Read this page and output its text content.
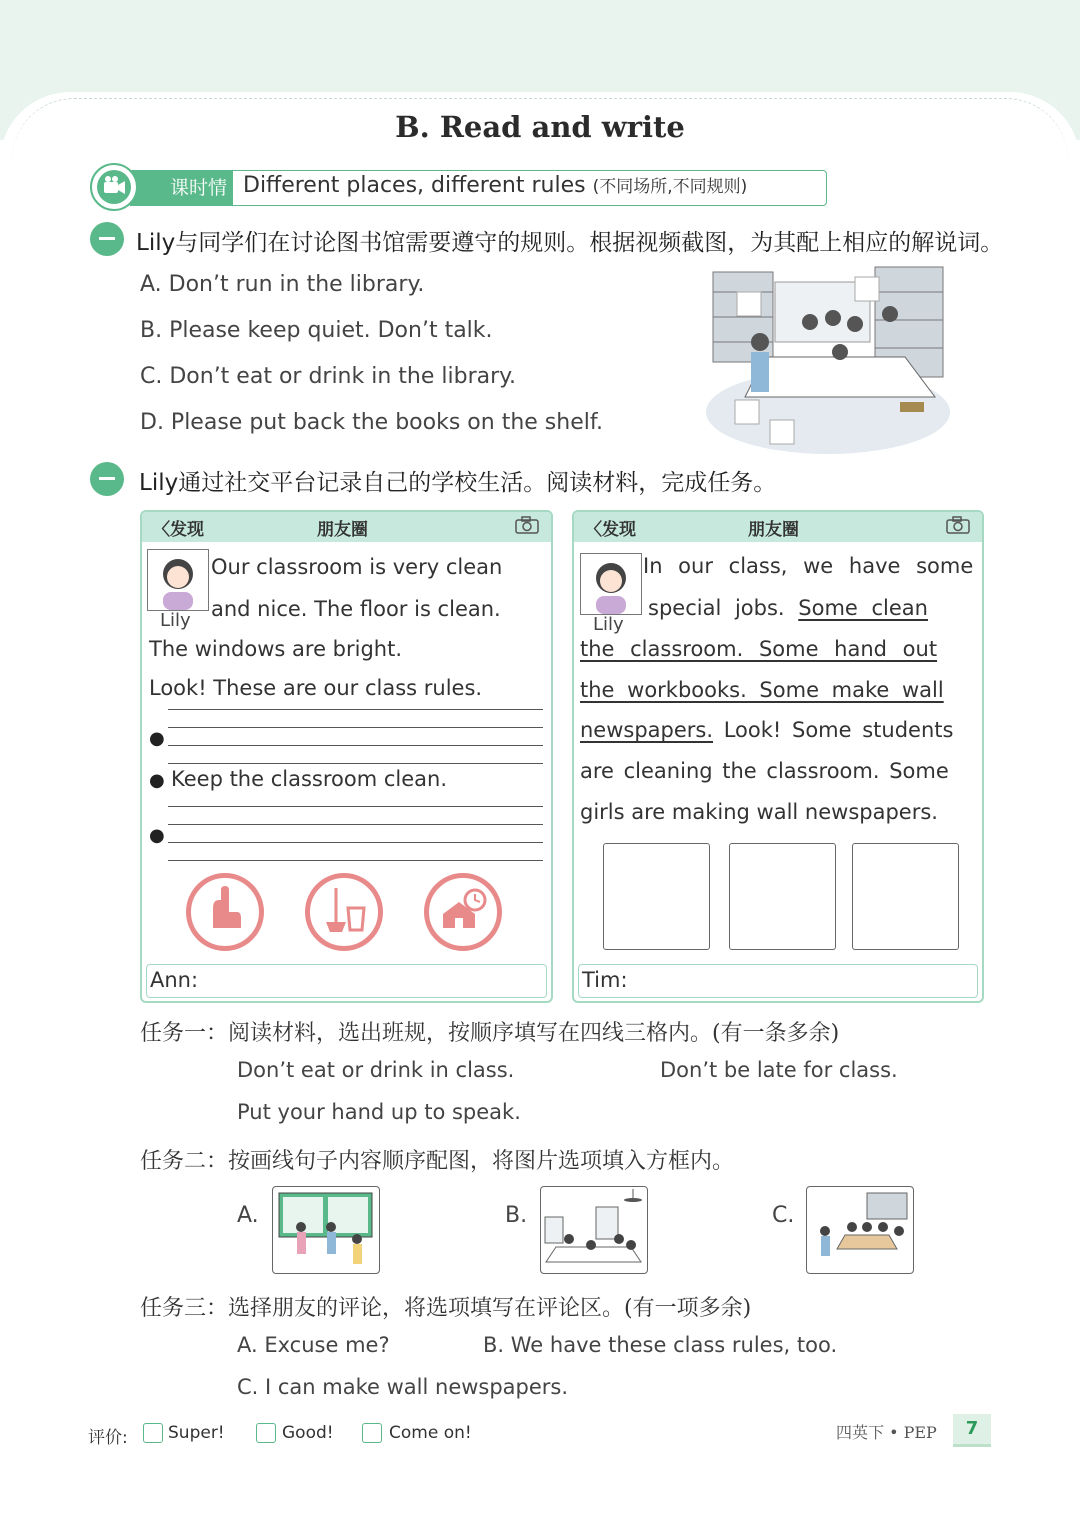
B. Read and write
课时情境
Different places, different rules (不同场所,不同规则)
Lily与同学们在讨论图书馆需要遵守的规则。根据视频截图，为其配上相应的解说词。
A. Don’t run in the library.
B. Please keep quiet. Don’t talk.
C. Don’t eat or drink in the library.
D. Please put back the books on the shelf.
Lily通过社交平台记录自己的学校生活。阅读材料，完成任务。
〈发现	朋友圈
Lily
Our classroom is very clean
and nice. The floor is clean.
The windows are bright.
Look! These are our class rules.
●
● Keep the classroom clean.
●
Ann:
〈发现	朋友圈
Lily
In our class, we have some
special jobs. Some clean
the classroom. Some hand out
the workbooks. Some make wall
newspapers. Look! Some students
are cleaning the classroom. Some
girls are making wall newspapers.
Tim:
任务一：阅读材料，选出班规，按顺序填写在四线三格内。(有一条多余)
Don’t eat or drink in class.	Don’t be late for class.
Put your hand up to speak.
任务二：按画线句子内容顺序配图，将图片选项填入方框内。
A.	B.	C.
任务三：选择朋友的评论，将选项填写在评论区。(有一项多余)
A. Excuse me?	B. We have these class rules, too.
C. I can make wall newspapers.
评价: Super!	Good!	Come on!	四英下 • PEP	7
